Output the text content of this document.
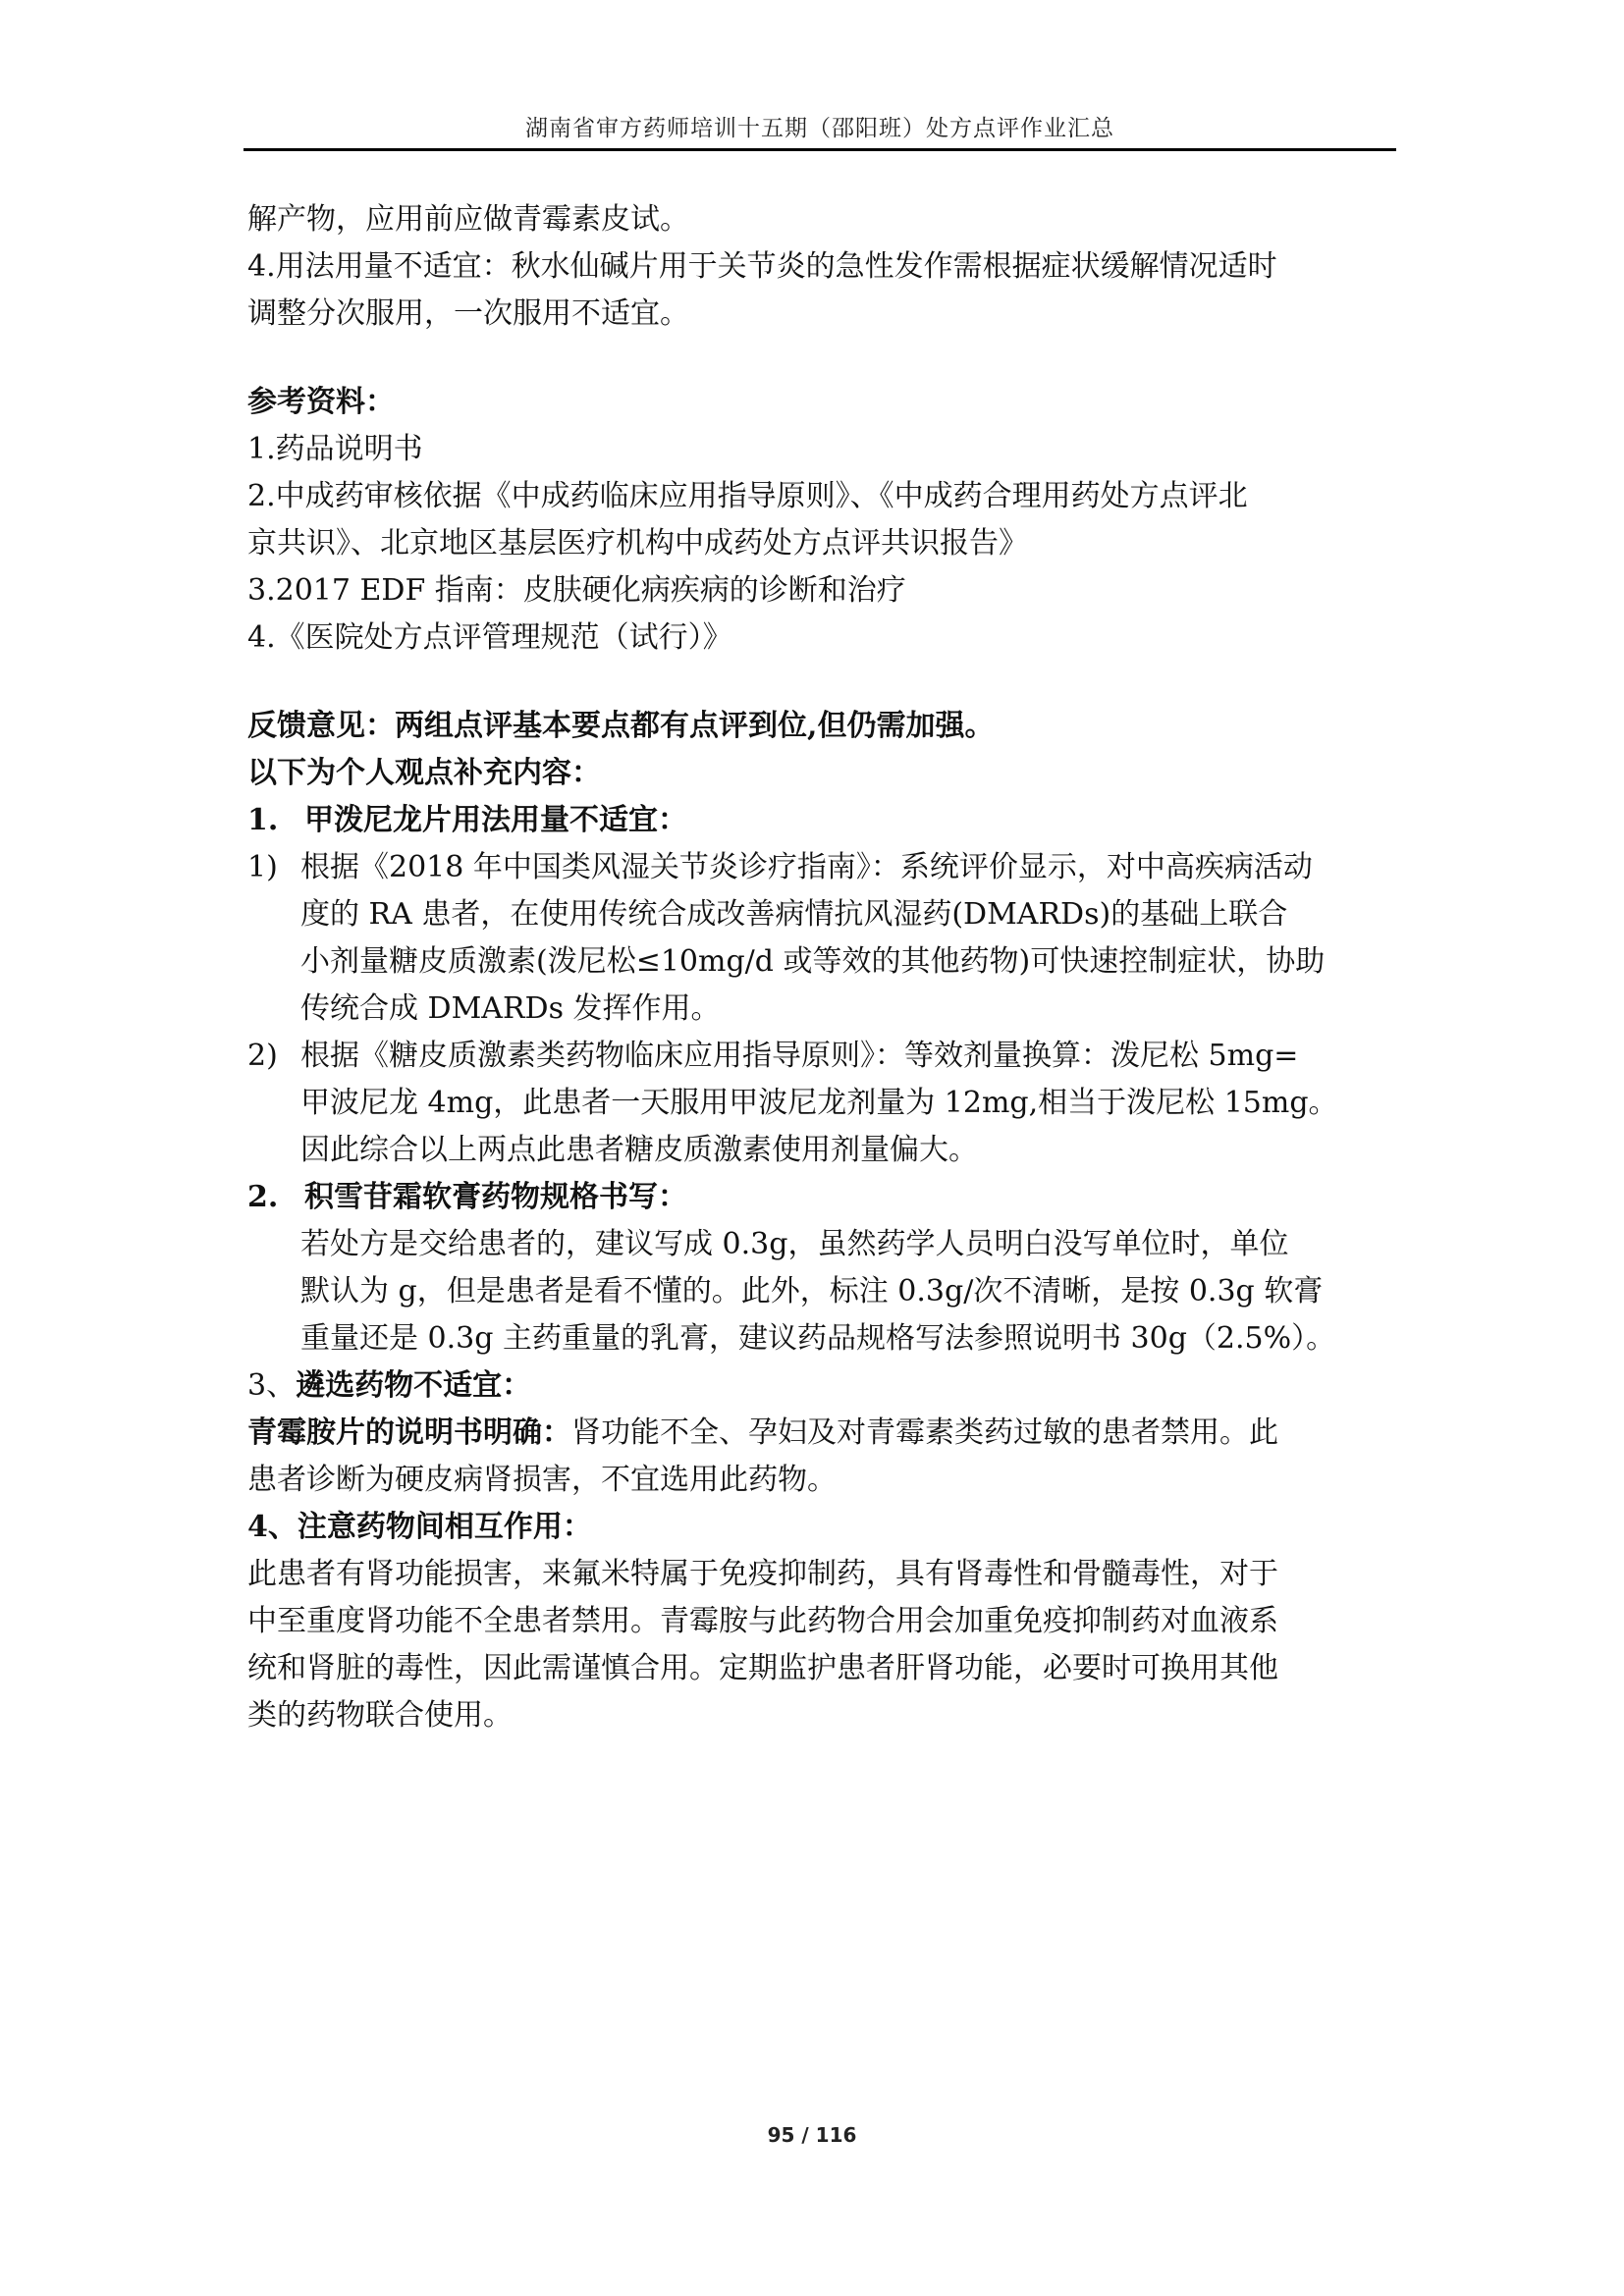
湖南省审方药师培训十五期（邵阳班）处方点评作业汇总
解产物，应用前应做青霉素皮试。
4.用法用量不适宜：秋水仙碱片用于关节炎的急性发作需根据症状缓解情况适时
调整分次服用，一次服用不适宜。
参考资料：
1.药品说明书
2.中成药审核依据《中成药临床应用指导原则》、《中成药合理用药处方点评北
京共识》、北京地区基层医疗机构中成药处方点评共识报告》
3.2017 EDF 指南：皮肤硬化病疾病的诊断和治疗
4.《医院处方点评管理规范（试行）》
反馈意见：两组点评基本要点都有点评到位,但仍需加强。
以下为个人观点补充内容：
1. 甲泼尼龙片用法用量不适宜：
1) 根据《2018 年中国类风湿关节炎诊疗指南》：系统评价显示，对中高疾病活动
度的 RA 患者，在使用传统合成改善病情抗风湿药(DMARDs)的基础上联合
小剂量糖皮质激素(泼尼松≤10mg/d 或等效的其他药物)可快速控制症状，协助
传统合成 DMARDs 发挥作用。
2) 根据《糖皮质激素类药物临床应用指导原则》：等效剂量换算：泼尼松 5mg=
甲波尼龙 4mg，此患者一天服用甲波尼龙剂量为 12mg,相当于泼尼松 15mg。
因此综合以上两点此患者糖皮质激素使用剂量偏大。
2. 积雪苷霜软膏药物规格书写：
若处方是交给患者的，建议写成 0.3g，虽然药学人员明白没写单位时，单位
默认为 g，但是患者是看不懂的。此外，标注 0.3g/次不清晰，是按 0.3g 软膏
重量还是 0.3g 主药重量的乳膏，建议药品规格写法参照说明书 30g（2.5%）。
3、遴选药物不适宜：
青霉胺片的说明书明确：肾功能不全、孕妇及对青霉素类药过敏的患者禁用。此
患者诊断为硬皮病肾损害，不宜选用此药物。
4、注意药物间相互作用：
此患者有肾功能损害，来氟米特属于免疫抑制药，具有肾毒性和骨髓毒性，对于
中至重度肾功能不全患者禁用。青霉胺与此药物合用会加重免疫抑制药对血液系
统和肾脏的毒性，因此需谨慎合用。定期监护患者肝肾功能，必要时可换用其他
类的药物联合使用。
95 / 116
